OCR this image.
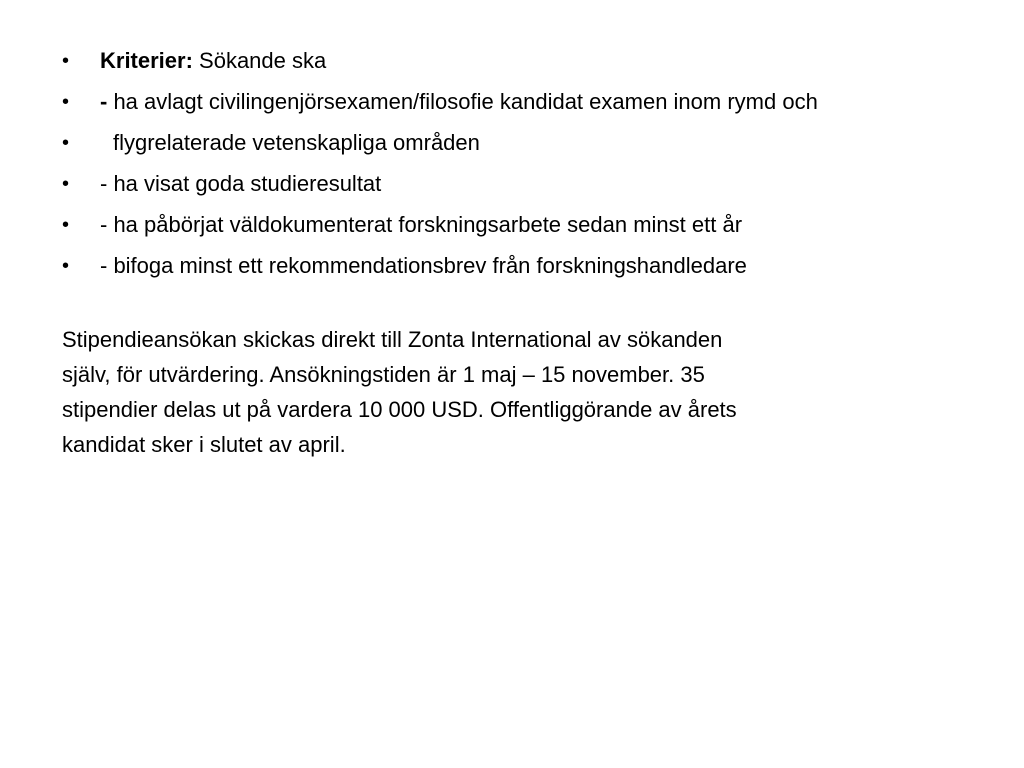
•	Kriterier: Sökande ska
•	- ha avlagt civilingenjörsexamen/filosofie kandidat examen inom rymd och
•	flygrelaterade vetenskapliga områden
•	- ha visat goda studieresultat
•	- ha påbörjat väldokumenterat forskningsarbete sedan minst ett år
•	- bifoga minst ett rekommendationsbrev från forskningshandledare

Stipendieansökan skickas direkt till Zonta International av sökanden
själv, för utvärdering. Ansökningstiden är 1 maj – 15 november. 35
stipendier delas ut på vardera 10 000 USD. Offentliggörande av årets
kandidat sker i slutet av april.
